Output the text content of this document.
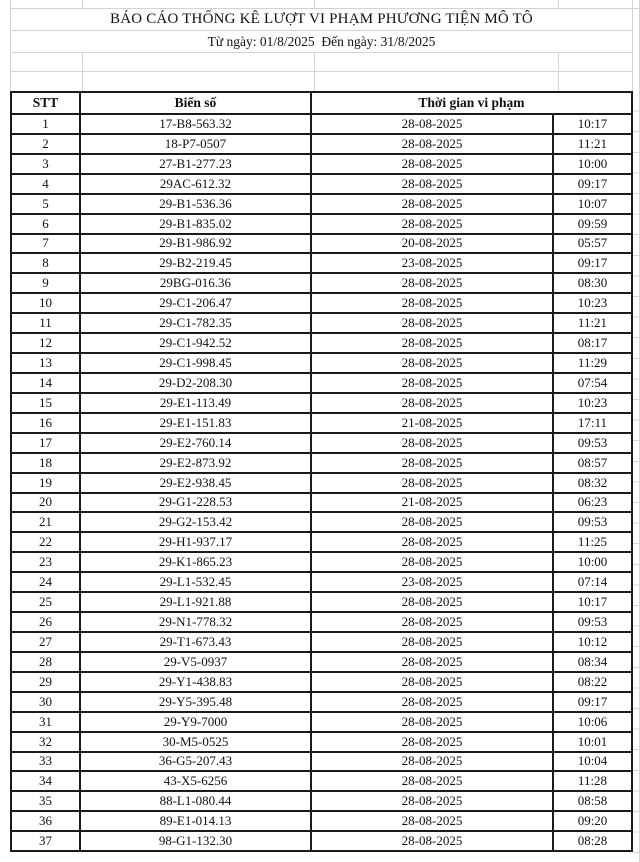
BÁO CÁO THỐNG KÊ LƯỢT VI PHẠM PHƯƠNG TIỆN MÔ TÔ
Từ ngày: 01/8/2025  Đến ngày: 31/8/2025
STT	Biển số	Thời gian vi phạm
1	17-B8-563.32	28-08-2025	10:17
2	18-P7-0507	28-08-2025	11:21
3	27-B1-277.23	28-08-2025	10:00
4	29AC-612.32	28-08-2025	09:17
5	29-B1-536.36	28-08-2025	10:07
6	29-B1-835.02	28-08-2025	09:59
7	29-B1-986.92	20-08-2025	05:57
8	29-B2-219.45	23-08-2025	09:17
9	29BG-016.36	28-08-2025	08:30
10	29-C1-206.47	28-08-2025	10:23
11	29-C1-782.35	28-08-2025	11:21
12	29-C1-942.52	28-08-2025	08:17
13	29-C1-998.45	28-08-2025	11:29
14	29-D2-208.30	28-08-2025	07:54
15	29-E1-113.49	28-08-2025	10:23
16	29-E1-151.83	21-08-2025	17:11
17	29-E2-760.14	28-08-2025	09:53
18	29-E2-873.92	28-08-2025	08:57
19	29-E2-938.45	28-08-2025	08:32
20	29-G1-228.53	21-08-2025	06:23
21	29-G2-153.42	28-08-2025	09:53
22	29-H1-937.17	28-08-2025	11:25
23	29-K1-865.23	28-08-2025	10:00
24	29-L1-532.45	23-08-2025	07:14
25	29-L1-921.88	28-08-2025	10:17
26	29-N1-778.32	28-08-2025	09:53
27	29-T1-673.43	28-08-2025	10:12
28	29-V5-0937	28-08-2025	08:34
29	29-Y1-438.83	28-08-2025	08:22
30	29-Y5-395.48	28-08-2025	09:17
31	29-Y9-7000	28-08-2025	10:06
32	30-M5-0525	28-08-2025	10:01
33	36-G5-207.43	28-08-2025	10:04
34	43-X5-6256	28-08-2025	11:28
35	88-L1-080.44	28-08-2025	08:58
36	89-E1-014.13	28-08-2025	09:20
37	98-G1-132.30	28-08-2025	08:28
